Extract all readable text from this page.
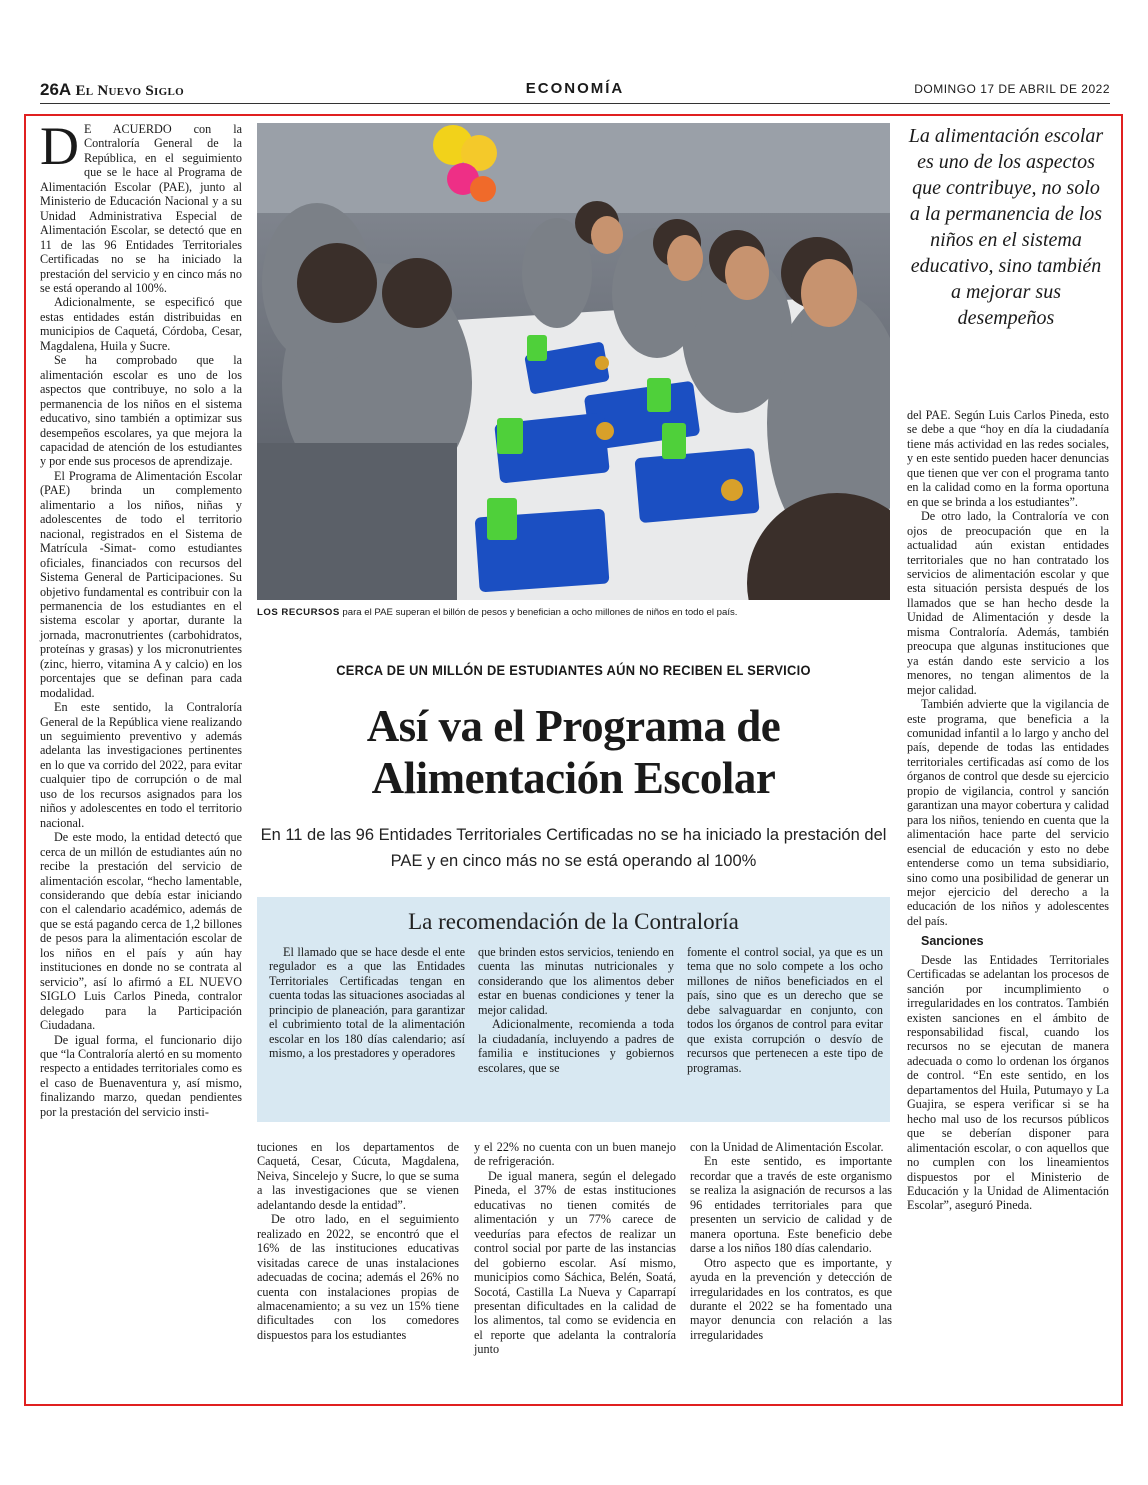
26A El Nuevo Siglo	ECONOMÍA	DOMINGO 17 DE ABRIL DE 2022

D E ACUERDO con la Contraloría General de la República, en el seguimiento que se le hace al Programa de Alimentación Escolar (PAE), junto al Ministerio de Educación Nacional y a su Unidad Administrativa Especial de Alimentación Escolar, se detectó que en 11 de las 96 Entidades Territoriales Certificadas no se ha iniciado la prestación del servicio y en cinco más no se está operando al 100%.

Adicionalmente, se especificó que estas entidades están distribuidas en municipios de Caquetá, Córdoba, Cesar, Magdalena, Huila y Sucre.

Se ha comprobado que la alimentación escolar es uno de los aspectos que contribuye, no solo a la permanencia de los niños en el sistema educativo, sino también a optimizar sus desempeños escolares, ya que mejora la capacidad de atención de los estudiantes y por ende sus procesos de aprendizaje.

El Programa de Alimentación Escolar (PAE) brinda un complemento alimentario a los niños, niñas y adolescentes de todo el territorio nacional, registrados en el Sistema de Matrícula -Simat- como estudiantes oficiales, financiados con recursos del Sistema General de Participaciones. Su objetivo fundamental es contribuir con la permanencia de los estudiantes en el sistema escolar y aportar, durante la jornada, macronutrientes (carbohidratos, proteínas y grasas) y los micronutrientes (zinc, hierro, vitamina A y calcio) en los porcentajes que se definan para cada modalidad.

En este sentido, la Contraloría General de la República viene realizando un seguimiento preventivo y además adelanta las investigaciones pertinentes en lo que va corrido del 2022, para evitar cualquier tipo de corrupción o de mal uso de los recursos asignados para los niños y adolescentes en todo el territorio nacional.

De este modo, la entidad detectó que cerca de un millón de estudiantes aún no recibe la prestación del servicio de alimentación escolar, “hecho lamentable, considerando que debía estar iniciando con el calendario académico, además de que se está pagando cerca de 1,2 billones de pesos para la alimentación escolar de los niños en el país y aún hay instituciones en donde no se contrata al servicio”, así lo afirmó a EL NUEVO SIGLO Luis Carlos Pineda, contralor delegado para la Participación Ciudadana.

De igual forma, el funcionario dijo que “la Contraloría alertó en su momento respecto a entidades territoriales como es el caso de Buenaventura y, así mismo, finalizando marzo, quedan pendientes por la prestación del servicio insti-

LOS RECURSOS para el PAE superan el billón de pesos y benefician a ocho millones de niños en todo el país.
La alimentación escolar es uno de los aspectos que contribuye, no solo a la permanencia de los niños en el sistema educativo, sino también a mejorar sus desempeños
CERCA DE UN MILLÓN DE ESTUDIANTES AÚN NO RECIBEN EL SERVICIO
Así va el Programa de
Alimentación Escolar
En 11 de las 96 Entidades Territoriales Certificadas no se ha iniciado la prestación del PAE y en cinco más no se está operando al 100%
La recomendación de la Contraloría

El llamado que se hace desde el ente regulador es a que las Entidades Territoriales Certificadas tengan en cuenta todas las situaciones asociadas al principio de planeación, para garantizar el cubrimiento total de la alimentación escolar en los 180 días calendario; así mismo, a los prestadores y operadores

que brinden estos servicios, teniendo en cuenta las minutas nutricionales y considerando que los alimentos deber estar en buenas condiciones y tener la mejor calidad.

Adicionalmente, recomienda a toda la ciudadanía, incluyendo a padres de familia e instituciones y gobiernos escolares, que se

fomente el control social, ya que es un tema que no solo compete a los ocho millones de niños beneficiados en el país, sino que es un derecho que se debe salvaguardar en conjunto, con todos los órganos de control para evitar que exista corrupción o desvío de recursos que pertenecen a este tipo de programas.

tuciones en los departamentos de Caquetá, Cesar, Cúcuta, Magdalena, Neiva, Sincelejo y Sucre, lo que se suma a las investigaciones que se vienen adelantando desde la entidad”.

De otro lado, en el seguimiento realizado en 2022, se encontró que el 16% de las instituciones educativas visitadas carece de unas instalaciones adecuadas de cocina; además el 26% no cuenta con instalaciones propias de almacenamiento; a su vez un 15% tiene dificultades con los comedores dispuestos para los estudiantes

y el 22% no cuenta con un buen manejo de refrigeración.

De igual manera, según el delegado Pineda, el 37% de estas instituciones educativas no tienen comités de alimentación y un 77% carece de veedurías para efectos de realizar un control social por parte de las instancias del gobierno escolar. Así mismo, municipios como Sáchica, Belén, Soatá, Socotá, Castilla La Nueva y Caparrapí presentan dificultades en la calidad de los alimentos, tal como se evidencia en el reporte que adelanta la contraloría junto

con la Unidad de Alimentación Escolar.

En este sentido, es importante recordar que a través de este organismo se realiza la asignación de recursos a las 96 entidades territoriales para que presenten un servicio de calidad y de manera oportuna. Este beneficio debe darse a los niños 180 días calendario.

Otro aspecto que es importante, y ayuda en la prevención y detección de irregularidades en los contratos, es que durante el 2022 se ha fomentado una mayor denuncia con relación a las irregularidades

del PAE. Según Luis Carlos Pineda, esto se debe a que “hoy en día la ciudadanía tiene más actividad en las redes sociales, y en este sentido pueden hacer denuncias que tienen que ver con el programa tanto en la calidad como en la forma oportuna en que se brinda a los estudiantes”.

De otro lado, la Contraloría ve con ojos de preocupación que en la actualidad aún existan entidades territoriales que no han contratado los servicios de alimentación escolar y que esta situación persista después de los llamados que se han hecho desde la Unidad de Alimentación y desde la misma Contraloría. Además, también preocupa que algunas instituciones que ya están dando este servicio a los menores, no tengan alimentos de la mejor calidad.

También advierte que la vigilancia de este programa, que beneficia a la comunidad infantil a lo largo y ancho del país, depende de todas las entidades territoriales certificadas así como de los órganos de control que desde su ejercicio propio de vigilancia, control y sanción garantizan una mayor cobertura y calidad para los niños, teniendo en cuenta que la alimentación hace parte del servicio esencial de educación y esto no debe entenderse como un tema subsidiario, sino como una posibilidad de generar un mejor ejercicio del derecho a la educación de los niños y adolescentes del país.

Sanciones

Desde las Entidades Territoriales Certificadas se adelantan los procesos de sanción por incumplimiento o irregularidades en los contratos. También existen sanciones en el ámbito de responsabilidad fiscal, cuando los recursos no se ejecutan de manera adecuada o como lo ordenan los órganos de control. “En este sentido, en los departamentos del Huila, Putumayo y La Guajira, se espera verificar si se ha hecho mal uso de los recursos públicos que se deberían disponer para alimentación escolar, o con aquellos que no cumplen con los lineamientos dispuestos por el Ministerio de Educación y la Unidad de Alimentación Escolar”, aseguró Pineda.
